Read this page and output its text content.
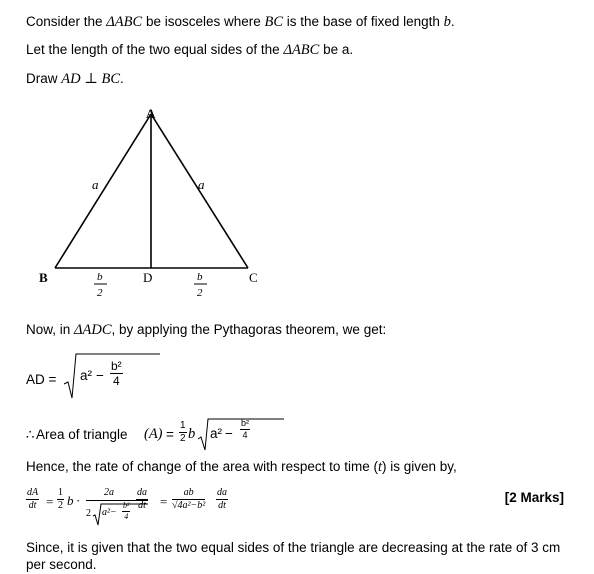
Consider the ΔABC be isosceles where BC is the base of fixed length b.
Let the length of the two equal sides of the ΔABC be a.
Draw AD ⊥ BC.
A
B	C
D
a	a
b
2
b
2
Now, in ΔADC, by applying the Pythagoras theorem, we get:
AD = $a^2 - \frac{\text{b²}}{4}$
∴ Area of triangle $(A) = \frac{1}{2}$ b $a^2 - \frac{\text{b²}}{4}$
Hence, the rate of change of the area with respect to time (t) is given by,
$\frac{dA}{dt} = \frac{1}{2}$ b ·
2a
2 $a^2- \frac{\text{b²}}{4}$
$\frac{da}{dt} = \frac{ab}{\text{√4a²−b²}} \frac{da}{dt}$	[2 Marks]
Since, it is given that the two equal sides of the triangle are decreasing at the rate of 3 cm
per second.
